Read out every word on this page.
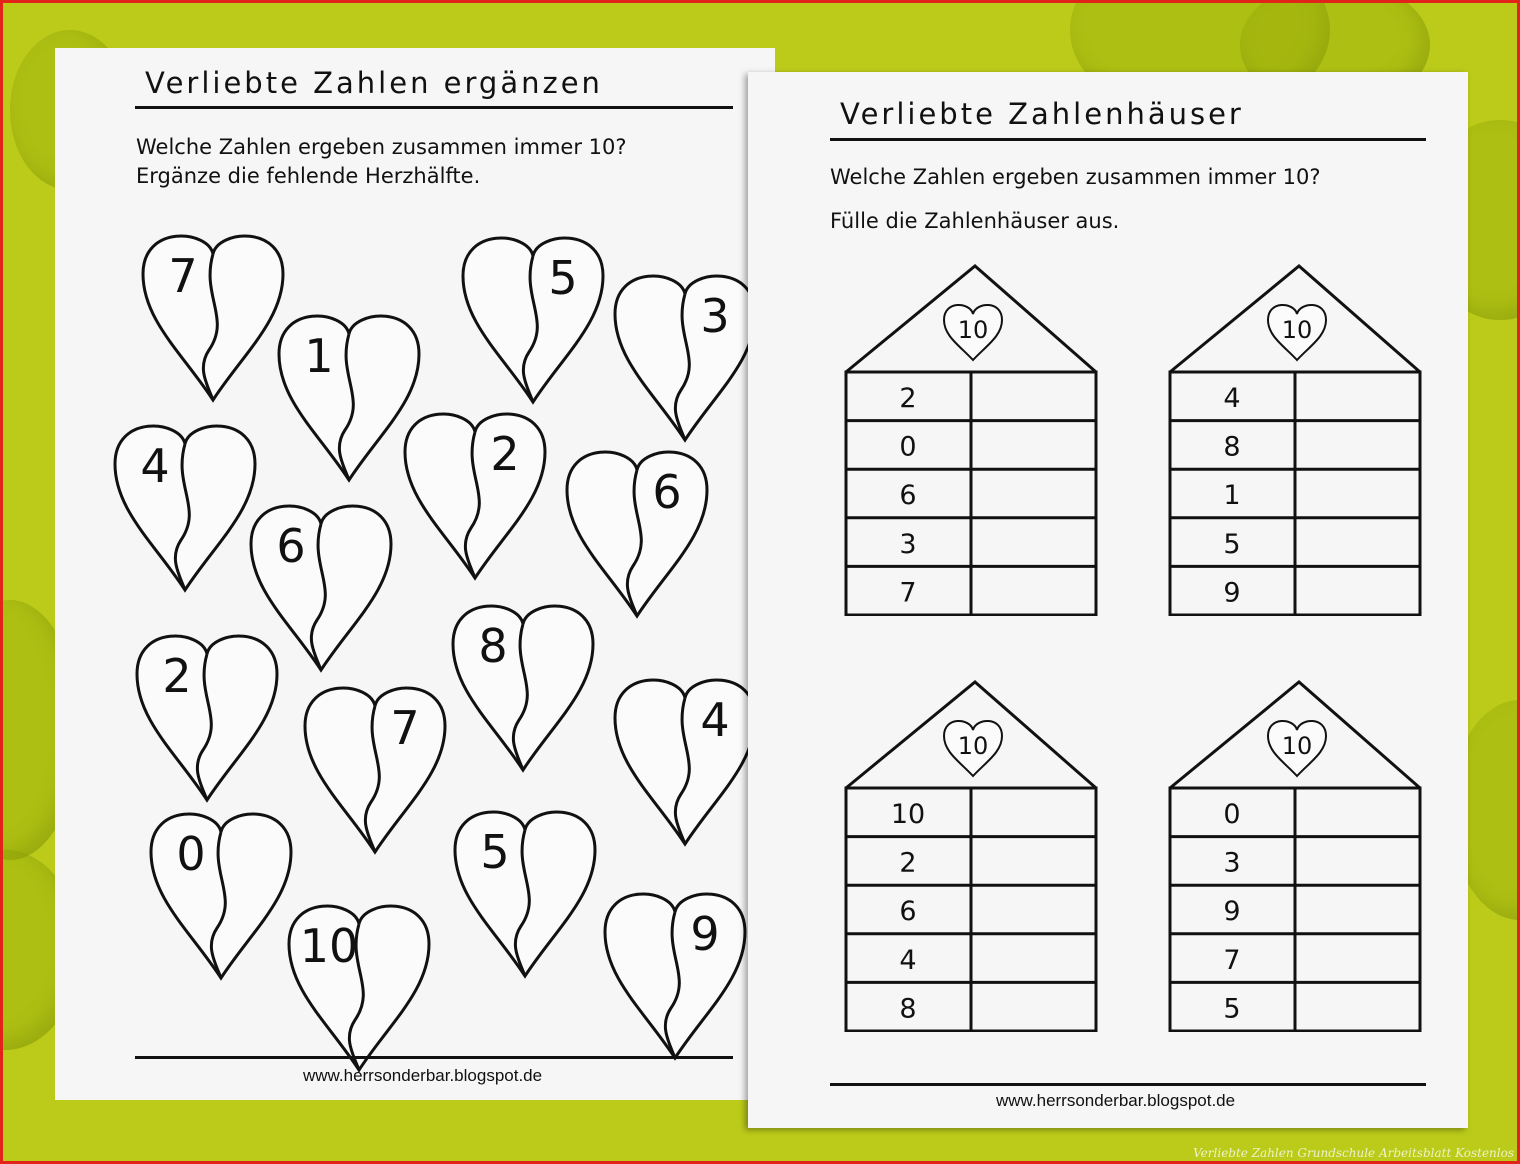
Verliebte Zahlen ergänzen

Welche Zahlen ergeben zusammen immer 10?

Ergänze die fehlende Herzhälfte.

7
1
5
3
4	2
6
6
2
8
7	4
0	5
10	9
www.herrsonderbar.blogspot.de
Verliebte Zahlenhäuser

Welche Zahlen ergeben zusammen immer 10?

Fülle die Zahlenhäuser aus.

10
2
0
6
3
7
10
4
8
1
5
9
10
10
2
6
4
8
10
0
3
9
7
5
www.herrsonderbar.blogspot.de
Verliebte Zahlen Grundschule Arbeitsblatt Kostenlos
